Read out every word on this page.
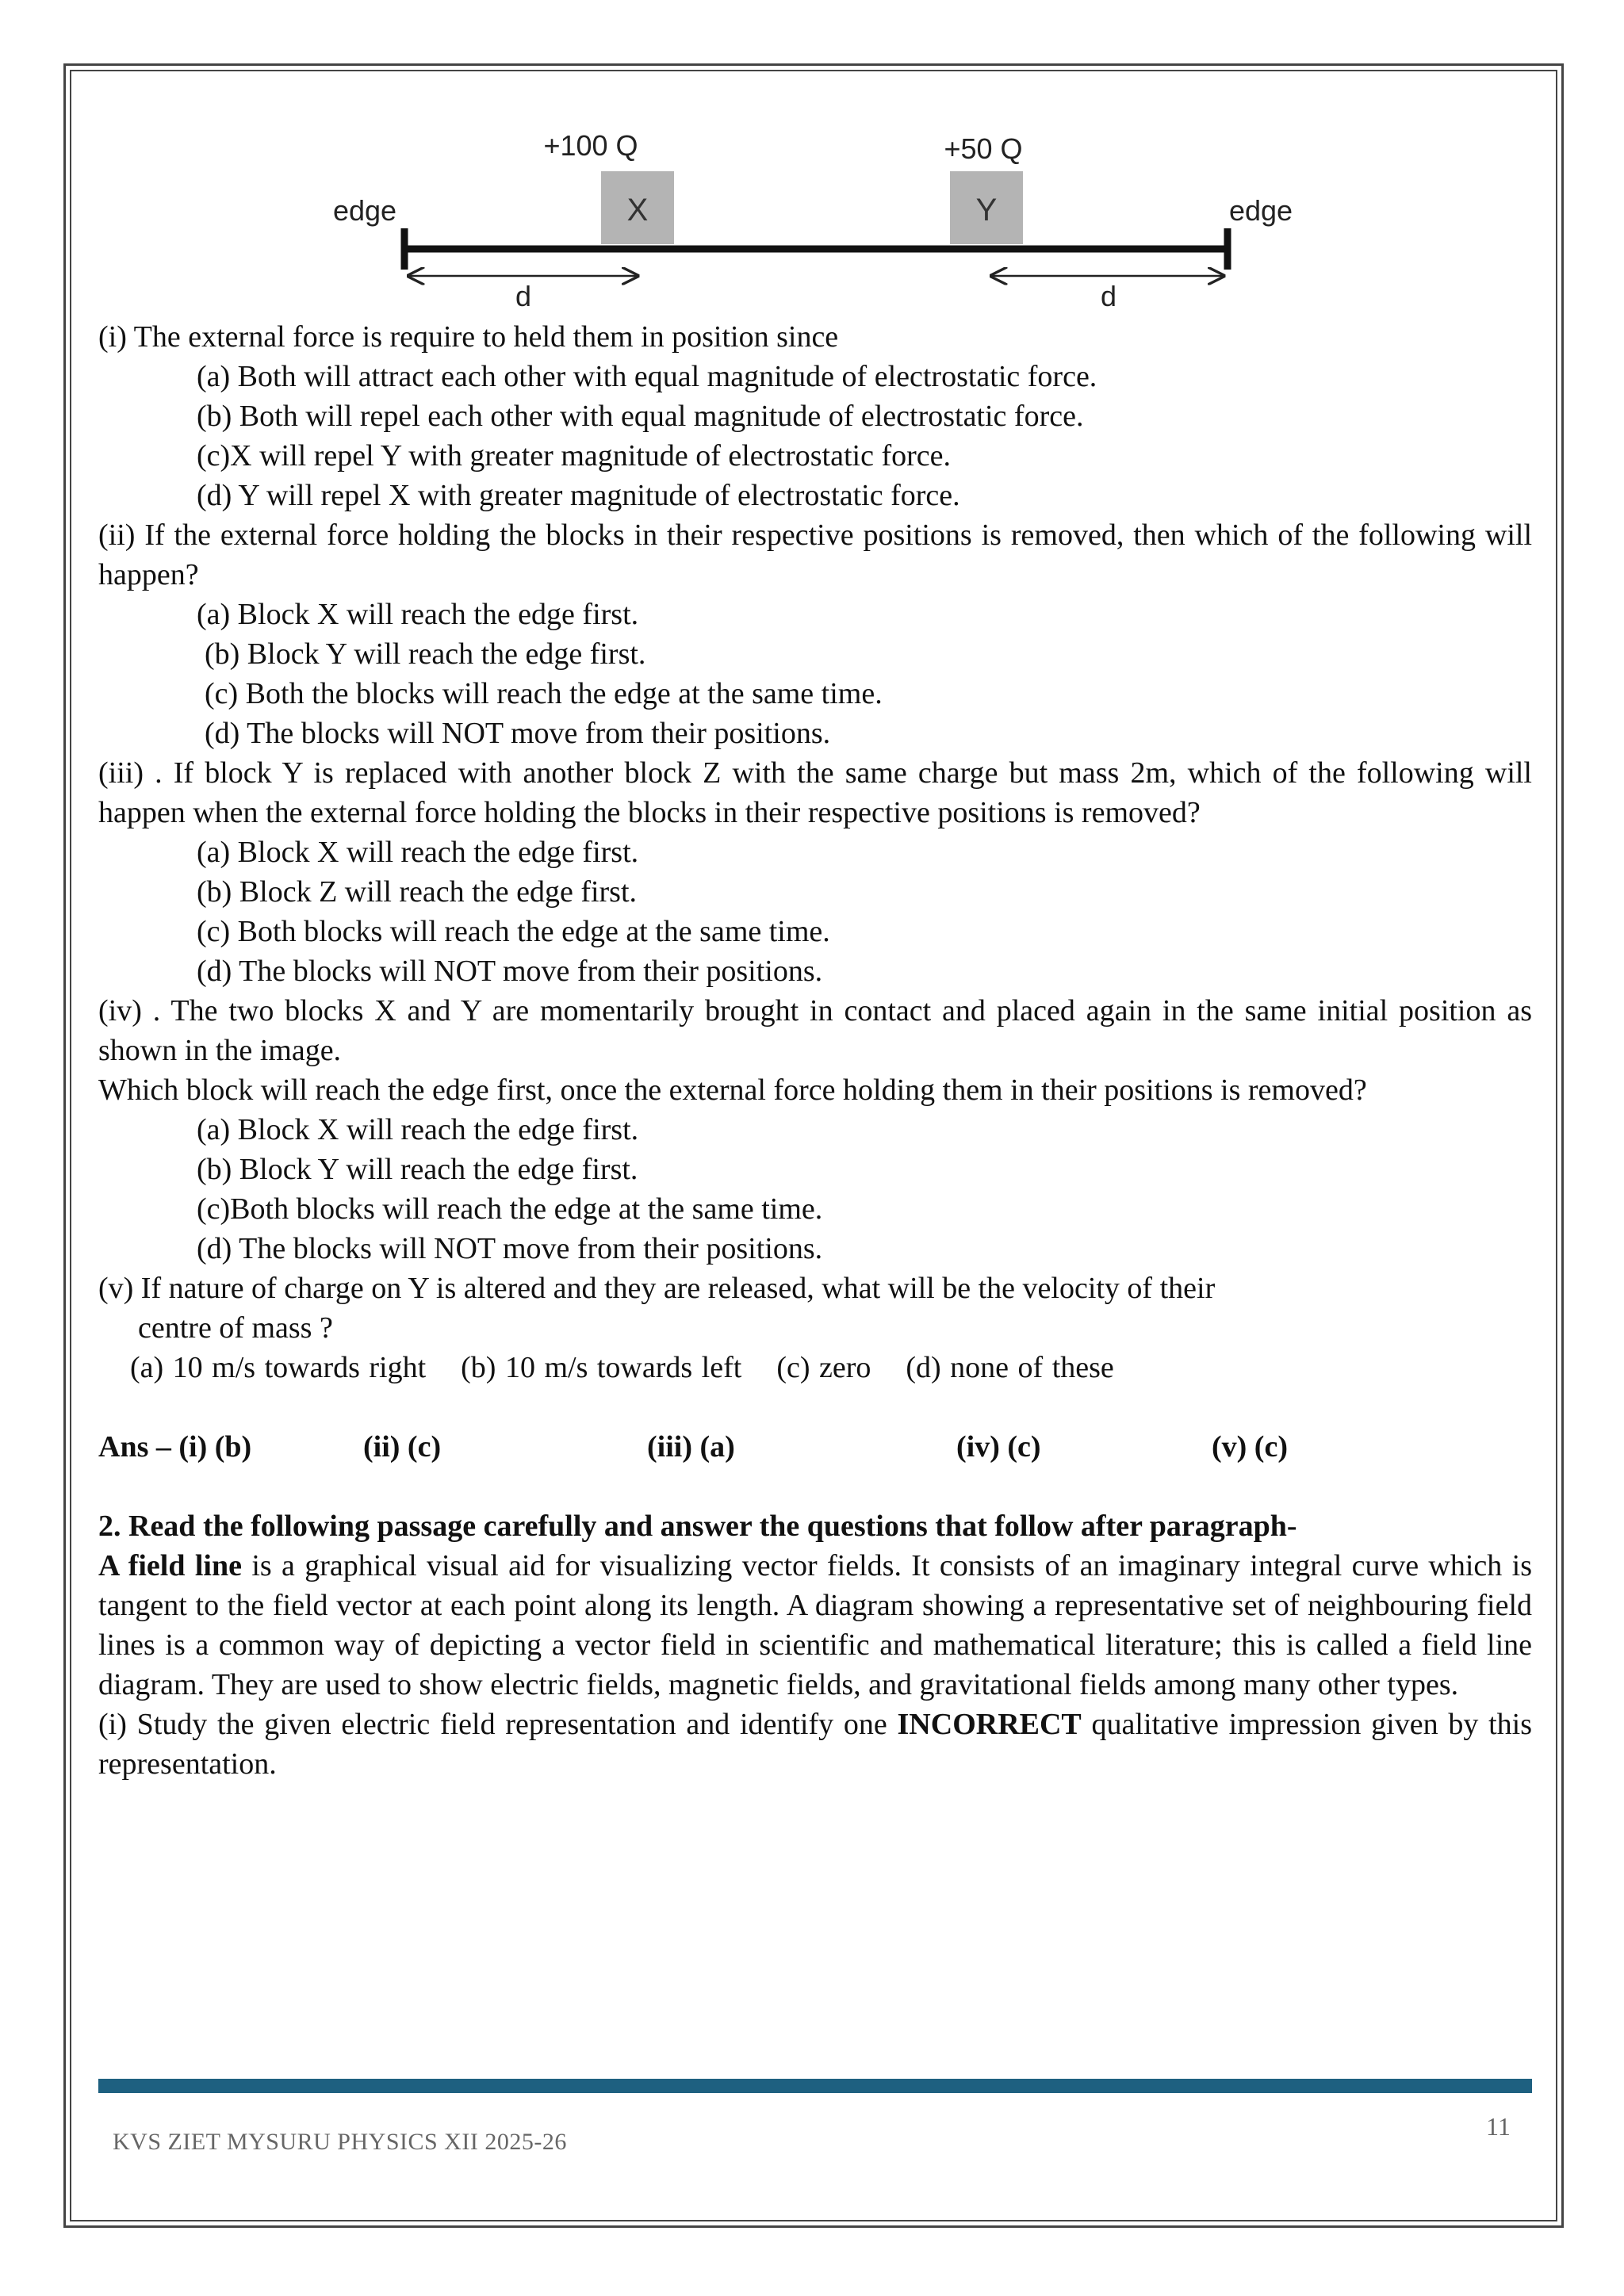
+100 Q	+50 Q
X	Y
edge	edge
d	d

(i) The external force is require to held them in position since

(a) Both will attract each other with equal magnitude of electrostatic force.

(b) Both will repel each other with equal magnitude of electrostatic force.

(c)X will repel Y with greater magnitude of electrostatic force.

(d) Y will repel X with greater magnitude of electrostatic force.

(ii) If the external force holding the blocks in their respective positions is removed, then which of the following will happen?

(a) Block X will reach the edge first.

(b) Block Y will reach the edge first.

(c) Both the blocks will reach the edge at the same time.

(d) The blocks will NOT move from their positions.

(iii) . If block Y is replaced with another block Z with the same charge but mass 2m, which of the following will happen when the external force holding the blocks in their respective positions is removed?

(a) Block X will reach the edge first.

(b) Block Z will reach the edge first.

(c) Both blocks will reach the edge at the same time.

(d) The blocks will NOT move from their positions.

(iv) . The two blocks X and Y are momentarily brought in contact and placed again in the same initial position as shown in the image.

Which block will reach the edge first, once the external force holding them in their positions is removed?

(a) Block X will reach the edge first.

(b) Block Y will reach the edge first.

(c)Both blocks will reach the edge at the same time.

(d) The blocks will NOT move from their positions.

(v) If nature of charge on Y is altered and they are released, what will be the velocity of their

centre of mass ?

(a) 10 m/s towards right (b) 10 m/s towards left (c) zero (d) none of these

Ans – (i) (b)	(ii) (c)	(iii) (a)	(iv) (c)	(v) (c)

2. Read the following passage carefully and answer the questions that follow after paragraph-

A field line is a graphical visual aid for visualizing vector fields. It consists of an imaginary integral curve which is tangent to the field vector at each point along its length. A diagram showing a representative set of neighbouring field lines is a common way of depicting a vector field in scientific and mathematical literature; this is called a field line diagram. They are used to show electric fields, magnetic fields, and gravitational fields among many other types.

(i) Study the given electric field representation and identify one INCORRECT qualitative impression given by this representation.

KVS ZIET MYSURU PHYSICS XII 2025-26
11
